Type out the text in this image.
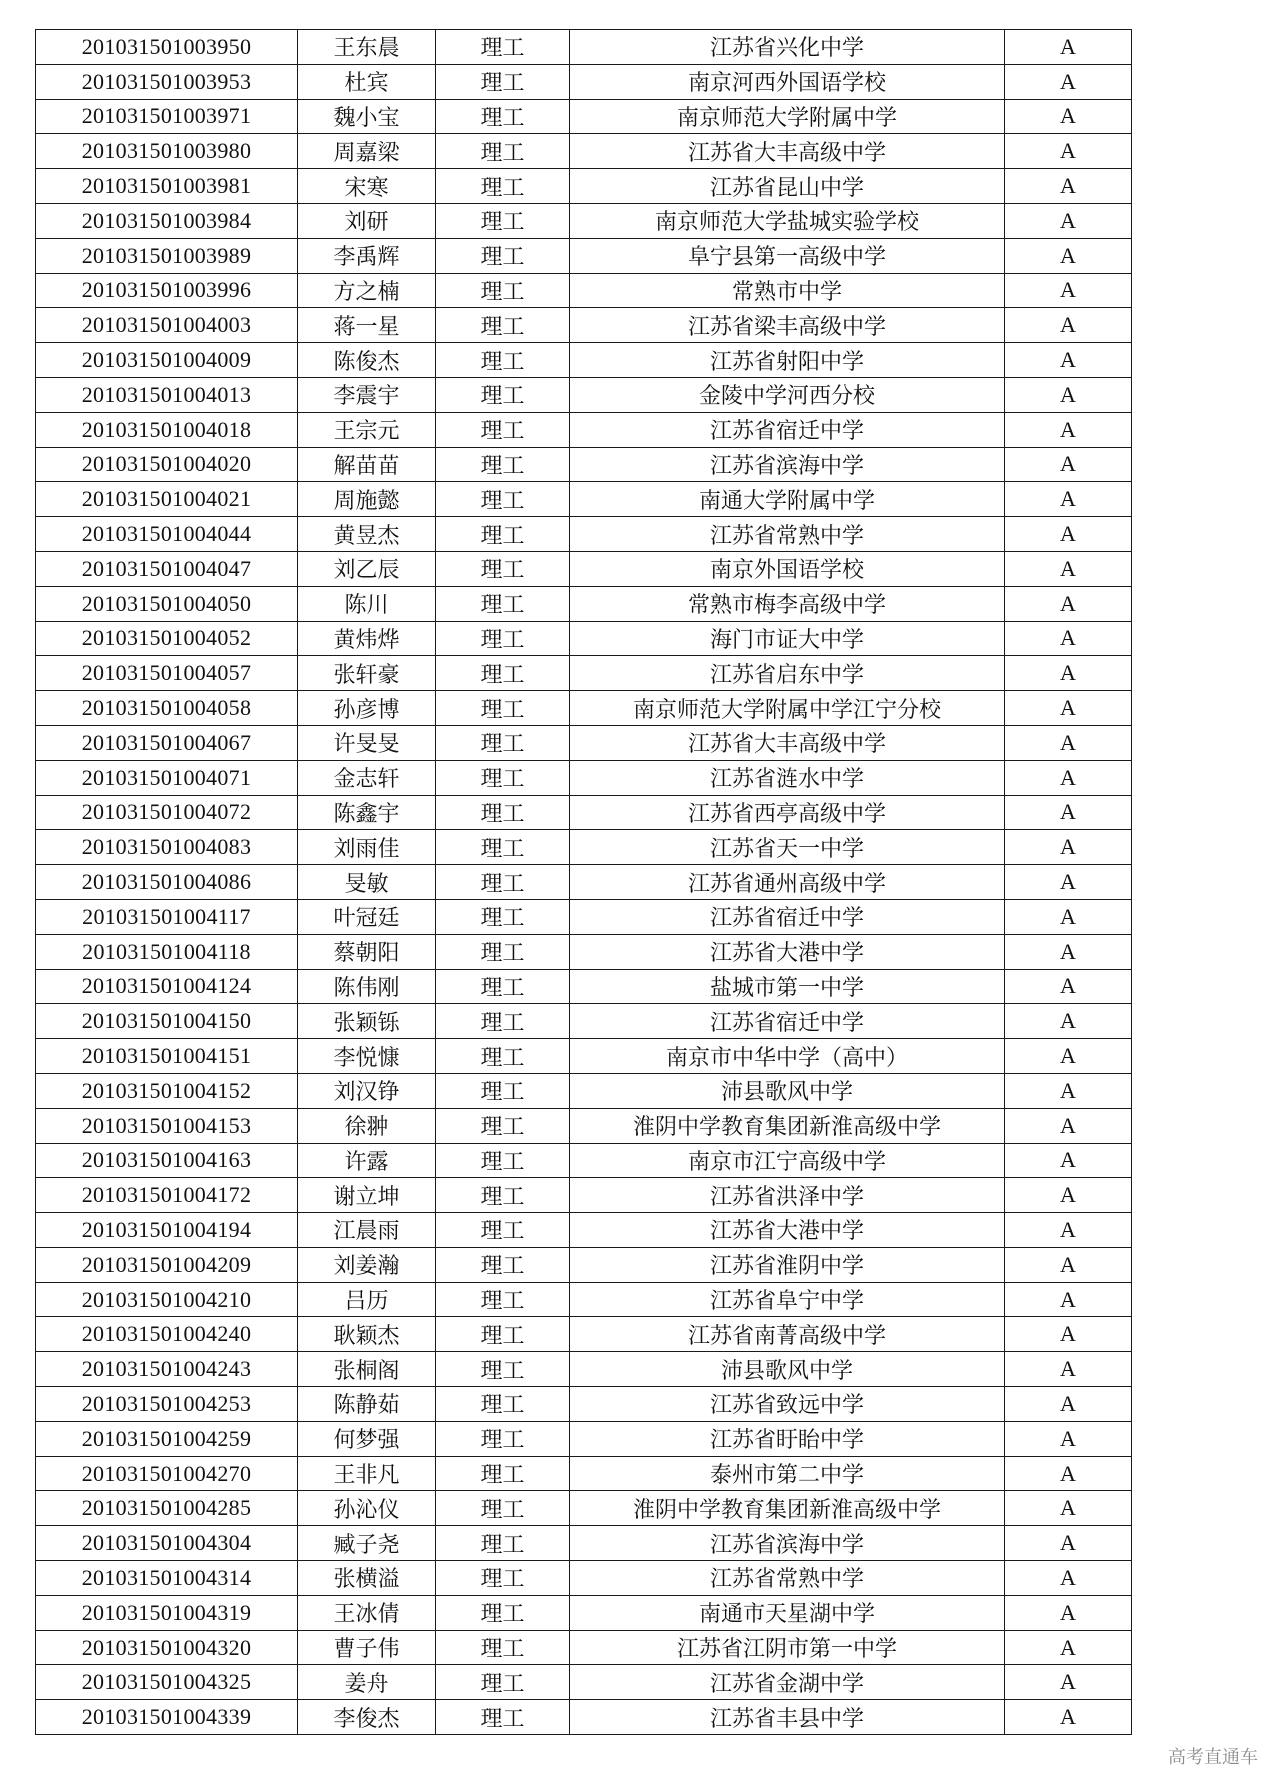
201031501003950	王东晨	理工	江苏省兴化中学	A
201031501003953	杜宾	理工	南京河西外国语学校	A
201031501003971	魏小宝	理工	南京师范大学附属中学	A
201031501003980	周嘉梁	理工	江苏省大丰高级中学	A
201031501003981	宋寒	理工	江苏省昆山中学	A
201031501003984	刘研	理工	南京师范大学盐城实验学校	A
201031501003989	李禹辉	理工	阜宁县第一高级中学	A
201031501003996	方之楠	理工	常熟市中学	A
201031501004003	蒋一星	理工	江苏省梁丰高级中学	A
201031501004009	陈俊杰	理工	江苏省射阳中学	A
201031501004013	李震宇	理工	金陵中学河西分校	A
201031501004018	王宗元	理工	江苏省宿迁中学	A
201031501004020	解苗苗	理工	江苏省滨海中学	A
201031501004021	周施懿	理工	南通大学附属中学	A
201031501004044	黄昱杰	理工	江苏省常熟中学	A
201031501004047	刘乙辰	理工	南京外国语学校	A
201031501004050	陈川	理工	常熟市梅李高级中学	A
201031501004052	黄炜烨	理工	海门市证大中学	A
201031501004057	张轩豪	理工	江苏省启东中学	A
201031501004058	孙彦博	理工	南京师范大学附属中学江宁分校	A
201031501004067	许旻旻	理工	江苏省大丰高级中学	A
201031501004071	金志轩	理工	江苏省涟水中学	A
201031501004072	陈鑫宇	理工	江苏省西亭高级中学	A
201031501004083	刘雨佳	理工	江苏省天一中学	A
201031501004086	旻敏	理工	江苏省通州高级中学	A
201031501004117	叶冠廷	理工	江苏省宿迁中学	A
201031501004118	蔡朝阳	理工	江苏省大港中学	A
201031501004124	陈伟刚	理工	盐城市第一中学	A
201031501004150	张颖铄	理工	江苏省宿迁中学	A
201031501004151	李悦慷	理工	南京市中华中学（高中）	A
201031501004152	刘汉铮	理工	沛县歌风中学	A
201031501004153	徐翀	理工	淮阴中学教育集团新淮高级中学	A
201031501004163	许露	理工	南京市江宁高级中学	A
201031501004172	谢立坤	理工	江苏省洪泽中学	A
201031501004194	江晨雨	理工	江苏省大港中学	A
201031501004209	刘姜瀚	理工	江苏省淮阴中学	A
201031501004210	吕历	理工	江苏省阜宁中学	A
201031501004240	耿颖杰	理工	江苏省南菁高级中学	A
201031501004243	张桐阁	理工	沛县歌风中学	A
201031501004253	陈静茹	理工	江苏省致远中学	A
201031501004259	何梦强	理工	江苏省盱眙中学	A
201031501004270	王非凡	理工	泰州市第二中学	A
201031501004285	孙沁仪	理工	淮阴中学教育集团新淮高级中学	A
201031501004304	臧子尧	理工	江苏省滨海中学	A
201031501004314	张横溢	理工	江苏省常熟中学	A
201031501004319	王冰倩	理工	南通市天星湖中学	A
201031501004320	曹子伟	理工	江苏省江阴市第一中学	A
201031501004325	姜舟	理工	江苏省金湖中学	A
201031501004339	李俊杰	理工	江苏省丰县中学	A
高考直通车
